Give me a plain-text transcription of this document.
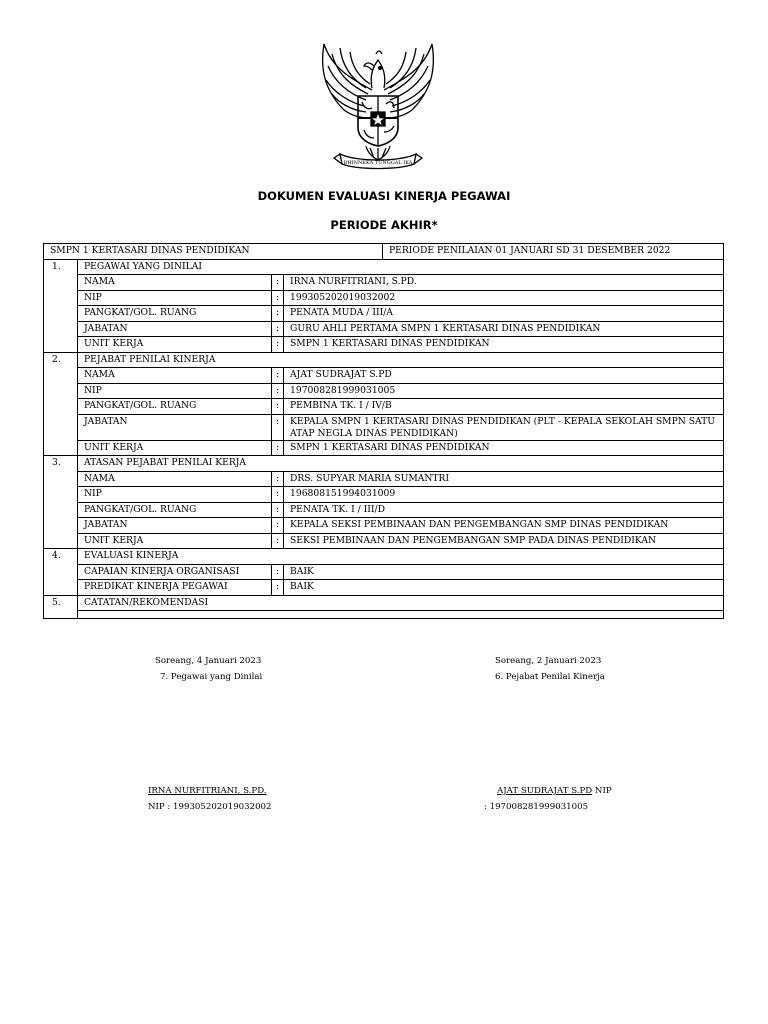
BHINNEKA TUNGGAL IKA
DOKUMEN EVALUASI KINERJA PEGAWAI
PERIODE AKHIR*
SMPN 1 KERTASARI DINAS PENDIDIKAN				PERIODE PENILAIAN 01 JANUARI SD 31 DESEMBER 2022
1.	PEGAWAI YANG DINILAI			
	NAMA	:	IRNA NURFITRIANI, S.PD.	
	NIP	:	199305202019032002	
	PANGKAT/GOL. RUANG	:	PENATA MUDA / III/A	
	JABATAN	:	GURU AHLI PERTAMA SMPN 1 KERTASARI DINAS PENDIDIKAN	
	UNIT KERJA	:	SMPN 1 KERTASARI DINAS PENDIDIKAN	
2.	PEJABAT PENILAI KINERJA			
	NAMA	:	AJAT SUDRAJAT S.PD	
	NIP	:	197008281999031005	
	PANGKAT/GOL. RUANG	:	PEMBINA TK. I / IV/B	
	JABATAN	:	KEPALA SMPN 1 KERTASARI DINAS PENDIDIKAN (PLT - KEPALA SEKOLAH SMPN SATU ATAP NEGLA DINAS PENDIDIKAN)	
	UNIT KERJA	:	SMPN 1 KERTASARI DINAS PENDIDIKAN	
3.	ATASAN PEJABAT PENILAI KERJA			
	NAMA	:	DRS. SUPYAR MARIA SUMANTRI	
	NIP	:	196808151994031009	
	PANGKAT/GOL. RUANG	:	PENATA TK. I / III/D	
	JABATAN	:	KEPALA SEKSI PEMBINAAN DAN PENGEMBANGAN SMP DINAS PENDIDIKAN	
	UNIT KERJA	:	SEKSI PEMBINAAN DAN PENGEMBANGAN SMP PADA DINAS PENDIDIKAN	
4.	EVALUASI KINERJA			
	CAPAIAN KINERJA ORGANISASI	:	BAIK	
	PREDIKAT KINERJA PEGAWAI	:	BAIK	
5.	CATATAN/REKOMENDASI			

Soreang, 4 Januari 2023
7. Pegawai yang Dinilai
IRNA NURFITRIANI, S.PD.
NIP : 199305202019032002
Soreang, 2 Januari 2023
6. Pejabat Penilai Kinerja
AJAT SUDRAJAT S.PD NIP
: 197008281999031005
